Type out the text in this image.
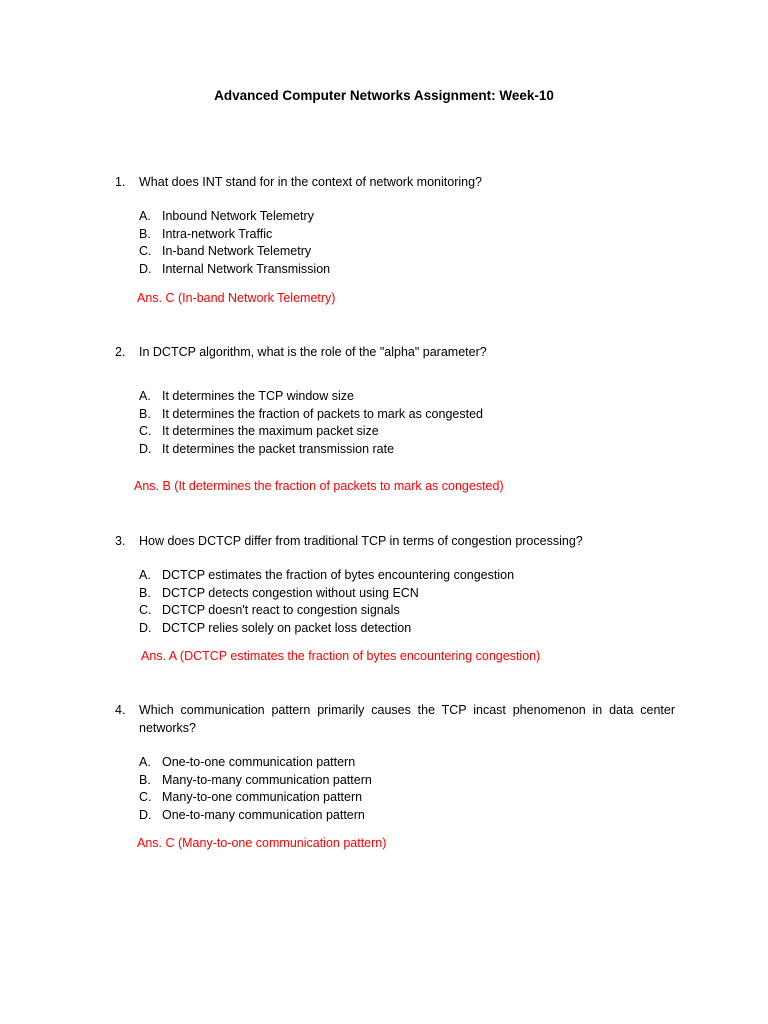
Advanced Computer Networks Assignment: Week-10
1.	What does INT stand for in the context of network monitoring?
A. Inbound Network Telemetry
B. Intra-network Traffic
C. In-band Network Telemetry
D. Internal Network Transmission
Ans. C (In-band Network Telemetry)
2.	In DCTCP algorithm, what is the role of the "alpha" parameter?
A. It determines the TCP window size
B. It determines the fraction of packets to mark as congested
C. It determines the maximum packet size
D. It determines the packet transmission rate
Ans. B (It determines the fraction of packets to mark as congested)
3.	How does DCTCP differ from traditional TCP in terms of congestion processing?
A. DCTCP estimates the fraction of bytes encountering congestion
B. DCTCP detects congestion without using ECN
C. DCTCP doesn't react to congestion signals
D. DCTCP relies solely on packet loss detection
Ans. A (DCTCP estimates the fraction of bytes encountering congestion)
4.	Which communication pattern primarily causes the TCP incast phenomenon in data center networks?
A. One-to-one communication pattern
B. Many-to-many communication pattern
C. Many-to-one communication pattern
D. One-to-many communication pattern
Ans. C (Many-to-one communication pattern)
